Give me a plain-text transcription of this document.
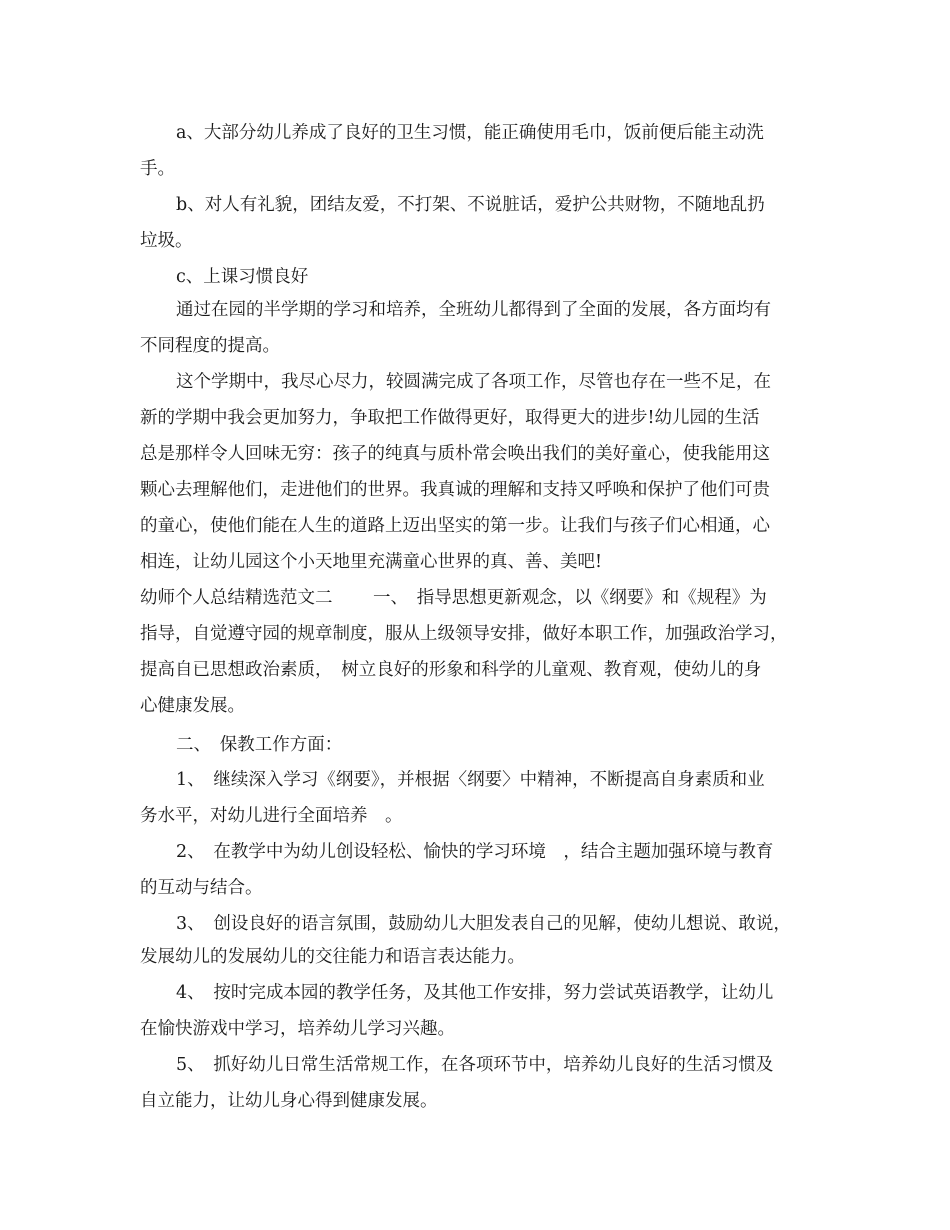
a、大部分幼儿养成了良好的卫生习惯，能正确使用毛巾，饭前便后能主动洗

手。

b、对人有礼貌，团结友爱，不打架、不说脏话，爱护公共财物，不随地乱扔

垃圾。

c、上课习惯良好

通过在园的半学期的学习和培养，全班幼儿都得到了全面的发展，各方面均有

不同程度的提高。

这个学期中，我尽心尽力，较圆满完成了各项工作，尽管也存在一些不足，在

新的学期中我会更加努力，争取把工作做得更好，取得更大的进步!幼儿园的生活

总是那样令人回味无穷：孩子的纯真与质朴常会唤出我们的美好童心，使我能用这

颗心去理解他们，走进他们的世界。我真诚的理解和支持又呼唤和保护了他们可贵

的童心，使他们能在人生的道路上迈出坚实的第一步。让我们与孩子们心相通，心

相连，让幼儿园这个小天地里充满童心世界的真、善、美吧!

幼师个人总结精选范文二　　 一、　指导思想更新观念，以《纲要》和《规程》为

指导，自觉遵守园的规章制度，服从上级领导安排，做好本职工作，加强政治学习，

提高自已思想政治素质，　树立良好的形象和科学的儿童观、教育观，使幼儿的身

心健康发展。

二、　保教工作方面：

1、　继续深入学习《纲要》，并根据〈纲要〉中精神，不断提高自身素质和业

务水平，对幼儿进行全面培养　。

2、　在教学中为幼儿创设轻松、愉快的学习环境　，结合主题加强环境与教育

的互动与结合。

3、　创设良好的语言氛围，鼓励幼儿大胆发表自己的见解，使幼儿想说、敢说，

发展幼儿的发展幼儿的交往能力和语言表达能力。

4、　按时完成本园的教学任务，及其他工作安排，努力尝试英语教学，让幼儿

在愉快游戏中学习，培养幼儿学习兴趣。

5、　抓好幼儿日常生活常规工作，在各项环节中，培养幼儿良好的生活习惯及

自立能力，让幼儿身心得到健康发展。
